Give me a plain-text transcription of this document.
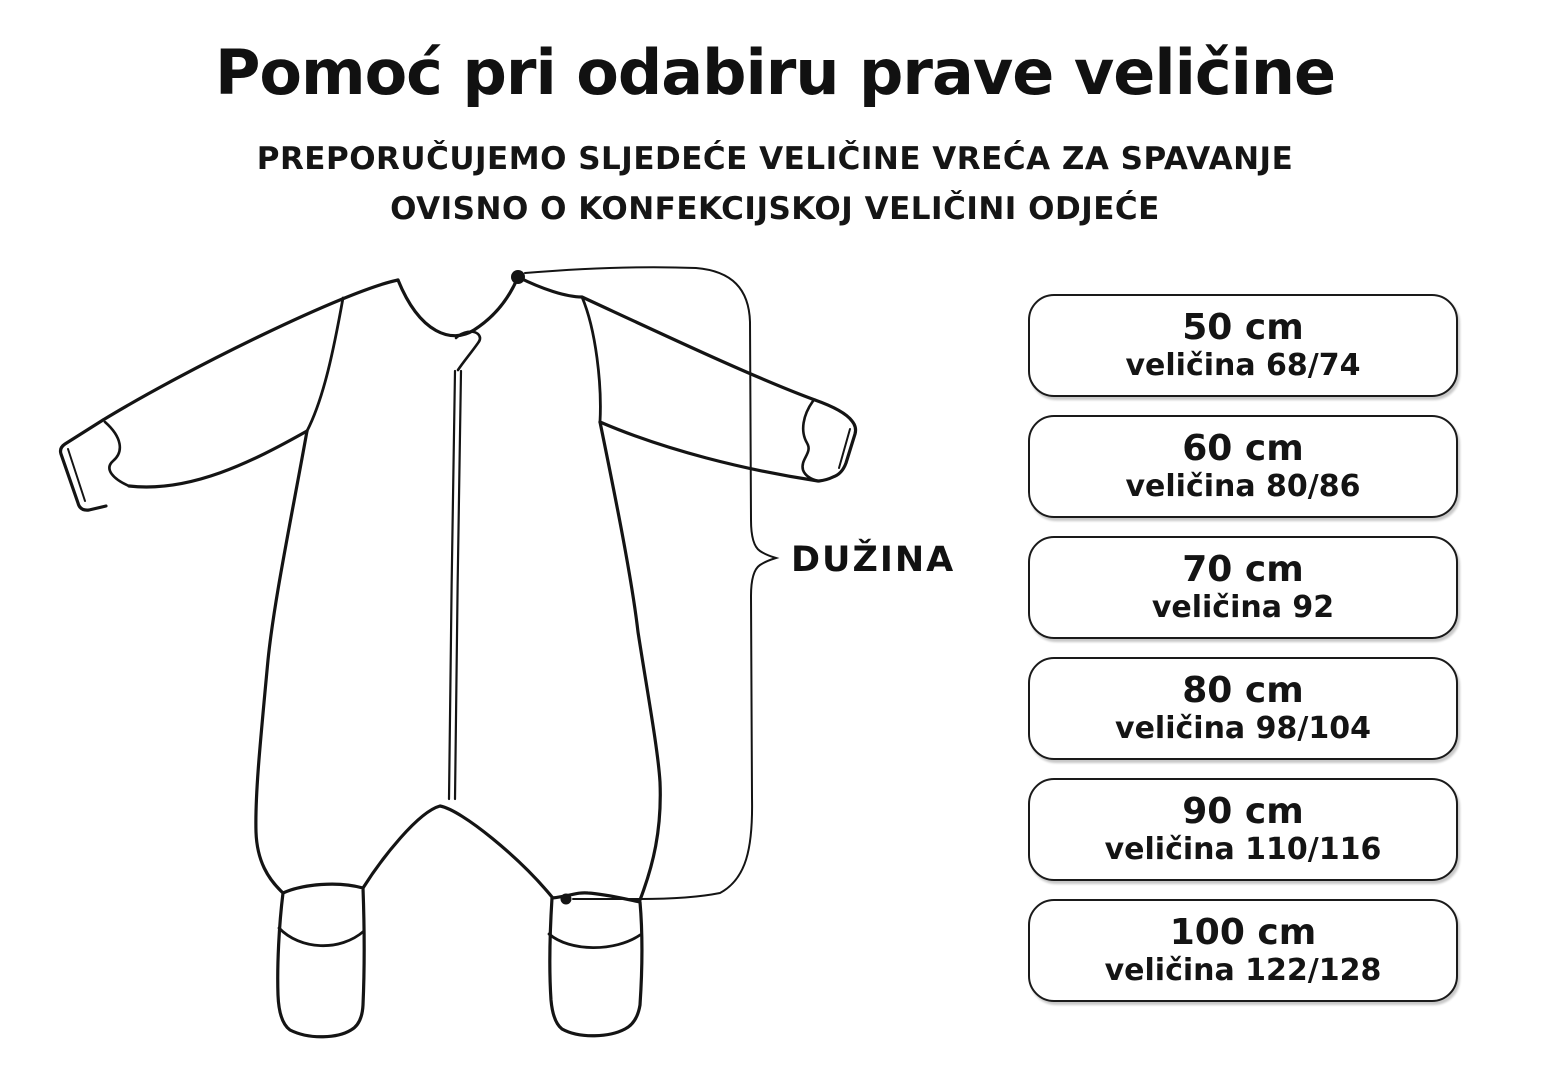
Pomoć pri odabiru prave veličine
PREPORUČUJEMO SLJEDEĆE VELIČINE VREĆA ZA SPAVANJE
OVISNO O KONFEKCIJSKOJ VELIČINI ODJEĆE
DUŽINA
50 cm
veličina 68/74
60 cm
veličina 80/86
70 cm
veličina 92
80 cm
veličina 98/104
90 cm
veličina 110/116
100 cm
veličina 122/128
